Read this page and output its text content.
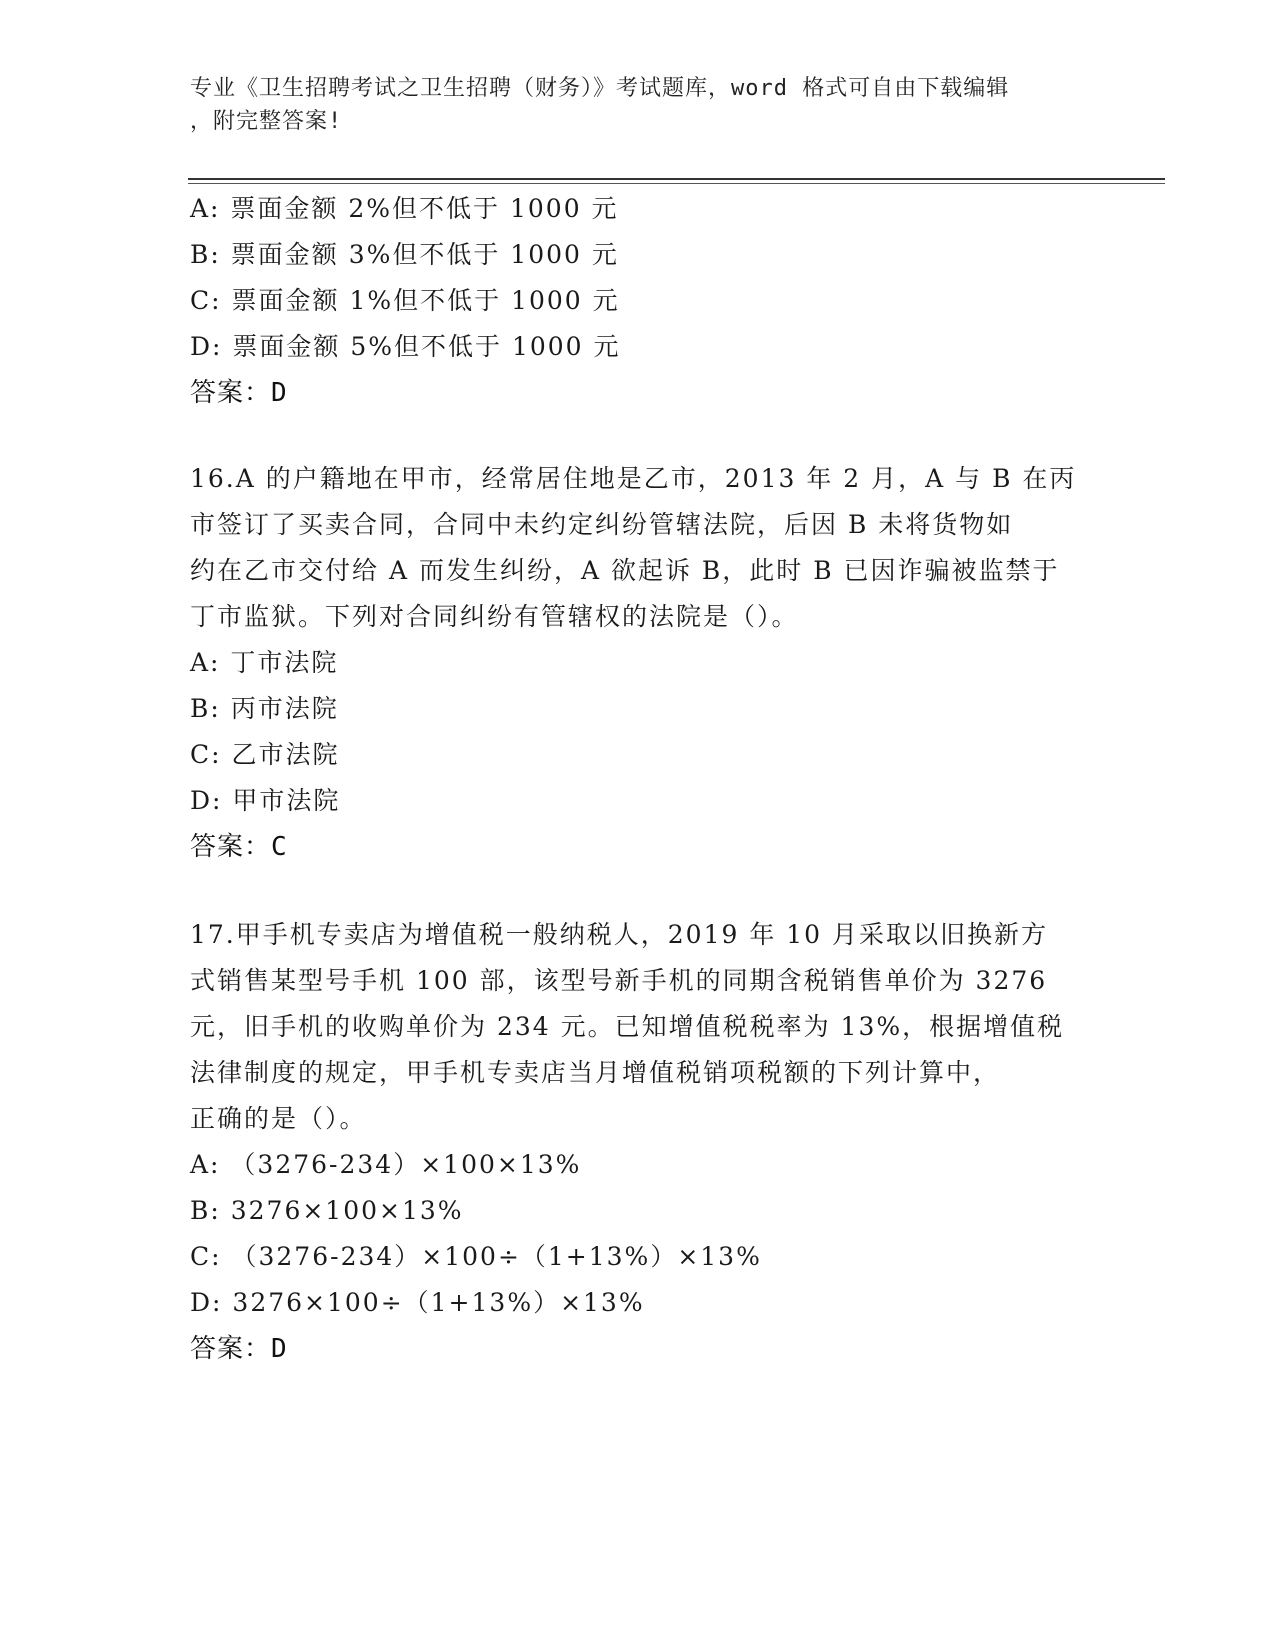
专业《卫生招聘考试之卫生招聘（财务）》考试题库，word 格式可自由下载编辑
，附完整答案!
A: 票面金额 2%但不低于 1000 元
B: 票面金额 3%但不低于 1000 元
C: 票面金额 1%但不低于 1000 元
D: 票面金额 5%但不低于 1000 元
答案：D
16.A 的户籍地在甲市，经常居住地是乙市，2013 年 2 月，A 与 B 在丙
市签订了买卖合同，合同中未约定纠纷管辖法院，后因 B 未将货物如
约在乙市交付给 A 而发生纠纷，A 欲起诉 B，此时 B 已因诈骗被监禁于
丁市监狱。下列对合同纠纷有管辖权的法院是（）。
A: 丁市法院
B: 丙市法院
C: 乙市法院
D: 甲市法院
答案：C
17.甲手机专卖店为增值税一般纳税人，2019 年 10 月采取以旧换新方
式销售某型号手机 100 部，该型号新手机的同期含税销售单价为 3276
元，旧手机的收购单价为 234 元。已知增值税税率为 13%，根据增值税
法律制度的规定，甲手机专卖店当月增值税销项税额的下列计算中，
正确的是（）。
A: （3276-234）×100×13%
B: 3276×100×13%
C: （3276-234）×100÷（1+13%）×13%
D: 3276×100÷（1+13%）×13%
答案：D
